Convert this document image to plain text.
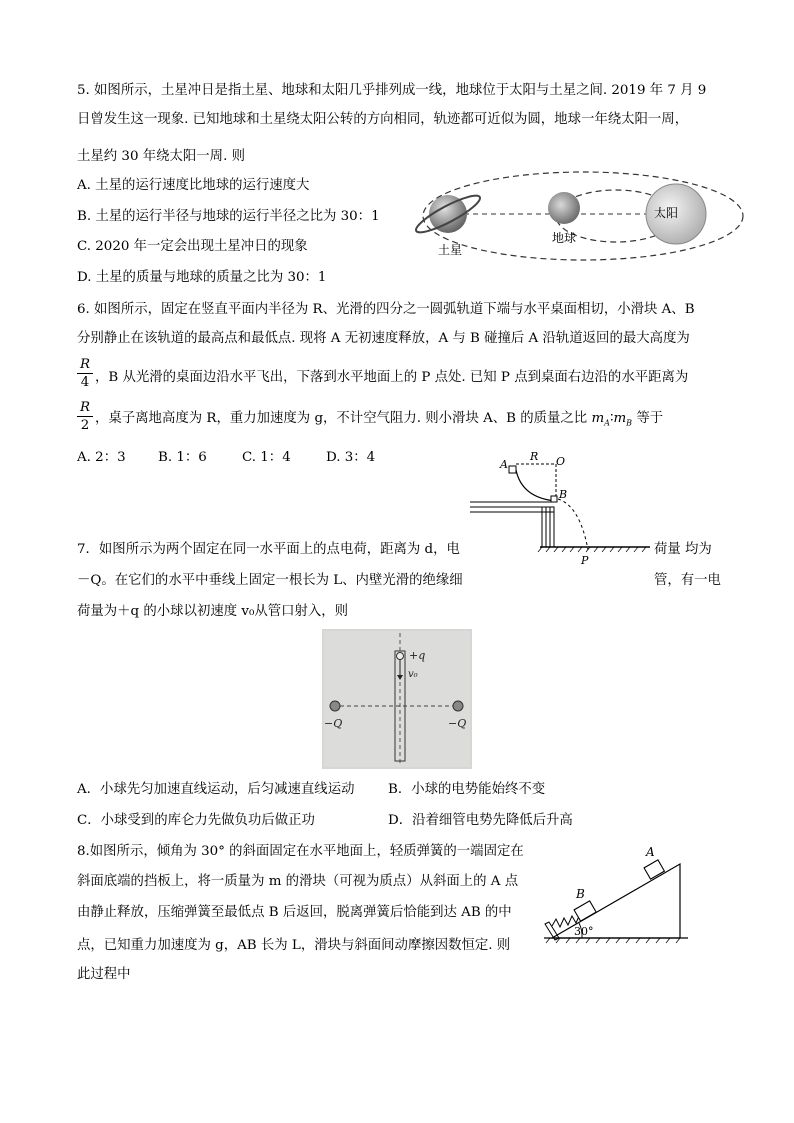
5. 如图所示，土星冲日是指土星、地球和太阳几乎排列成一线，地球位于太阳与土星之间. 2019 年 7 月 9
日曾发生这一现象. 已知地球和土星绕太阳公转的方向相同，轨迹都可近似为圆，地球一年绕太阳一周，
土星约 30 年绕太阳一周. 则
A. 土星的运行速度比地球的运行速度大
B. 土星的运行半径与地球的运行半径之比为 30：1
C. 2020 年一定会出现土星冲日的现象
D. 土星的质量与地球的质量之比为 30：1
土星
地球
太阳
6. 如图所示，固定在竖直平面内半径为 R、光滑的四分之一圆弧轨道下端与水平桌面相切，小滑块 A、B
分别静止在该轨道的最高点和最低点. 现将 A 无初速度释放，A 与 B 碰撞后 A 沿轨道返回的最大高度为
R
4 ，B 从光滑的桌面边沿水平飞出，下落到水平地面上的 P 点处. 已知 P 点到桌面右边沿的水平距离为
R
2 ，桌子离地高度为 R，重力加速度为 g，不计空气阻力. 则小滑块 A、B 的质量之比 $m_A∶m_B$ 等于
A. 2：3 B. 1：6	C. 1：4	D. 3：4	A
R O
B
P
7．如图所示为两个固定在同一水平面上的点电荷，距离为 d，电	荷量 均为
－Q。在它们的水平中垂线上固定一根长为 L、内壁光滑的绝缘细	管，有一电
荷量为＋q 的小球以初速度 v₀从管口射入，则
+q
v₀
−Q	−Q
A．小球先匀加速直线运动，后匀减速直线运动	B．小球的电势能始终不变
C．小球受到的库仑力先做负功后做正功	D．沿着细管电势先降低后升高
8.如图所示，倾角为 30° 的斜面固定在水平地面上，轻质弹簧的一端固定在
斜面底端的挡板上，将一质量为 m 的滑块（可视为质点）从斜面上的 A 点
由静止释放，压缩弹簧至最低点 B 后返回，脱离弹簧后恰能到达 AB 的中
点，已知重力加速度为 g，AB 长为 L，滑块与斜面间动摩擦因数恒定. 则
此过程中
A
B
30°
